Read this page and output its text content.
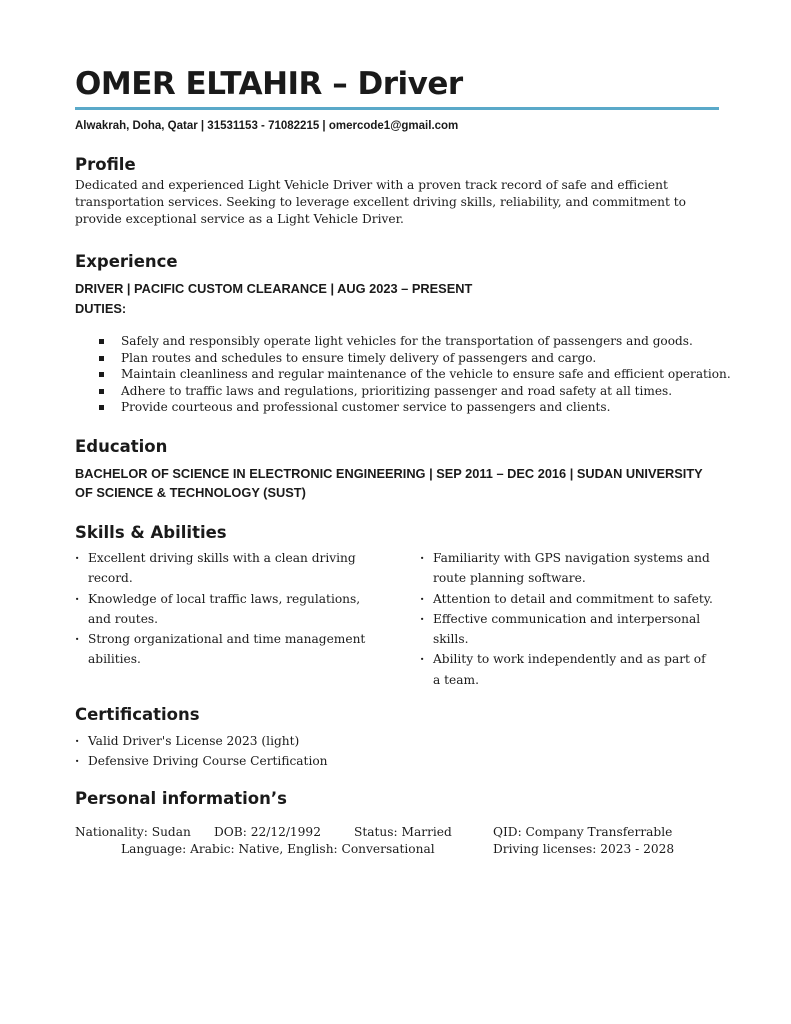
OMER ELTAHIR – Driver
Alwakrah, Doha, Qatar | 31531153 - 71082215 | omercode1@gmail.com
Profile

Dedicated and experienced Light Vehicle Driver with a proven track record of safe and efficient transportation services. Seeking to leverage excellent driving skills, reliability, and commitment to provide exceptional service as a Light Vehicle Driver.

Experience
DRIVER | PACIFIC CUSTOM CLEARANCE | AUG 2023 – PRESENT
DUTIES:
Safely and responsibly operate light vehicles for the transportation of passengers and goods.
Plan routes and schedules to ensure timely delivery of passengers and cargo.
Maintain cleanliness and regular maintenance of the vehicle to ensure safe and efficient operation.
Adhere to traffic laws and regulations, prioritizing passenger and road safety at all times.
Provide courteous and professional customer service to passengers and clients.
Education
BACHELOR OF SCIENCE IN ELECTRONIC ENGINEERING | SEP 2011 – DEC 2016 | SUDAN UNIVERSITY OF SCIENCE & TECHNOLOGY (SUST)
Skills & Abilities
· Excellent driving skills with a clean driving record.
· Knowledge of local traffic laws, regulations, and routes.
· Strong organizational and time management abilities.
· Familiarity with GPS navigation systems and route planning software.
· Attention to detail and commitment to safety.
· Effective communication and interpersonal skills.
· Ability to work independently and as part of a team.
Certifications
· Valid Driver's License 2023 (light)
· Defensive Driving Course Certification
Personal information’s
Nationality: Sudan DOB: 22/12/1992	Status: Married	QID: Company Transferrable
Language: Arabic: Native, English: Conversational	Driving licenses: 2023 - 2028
